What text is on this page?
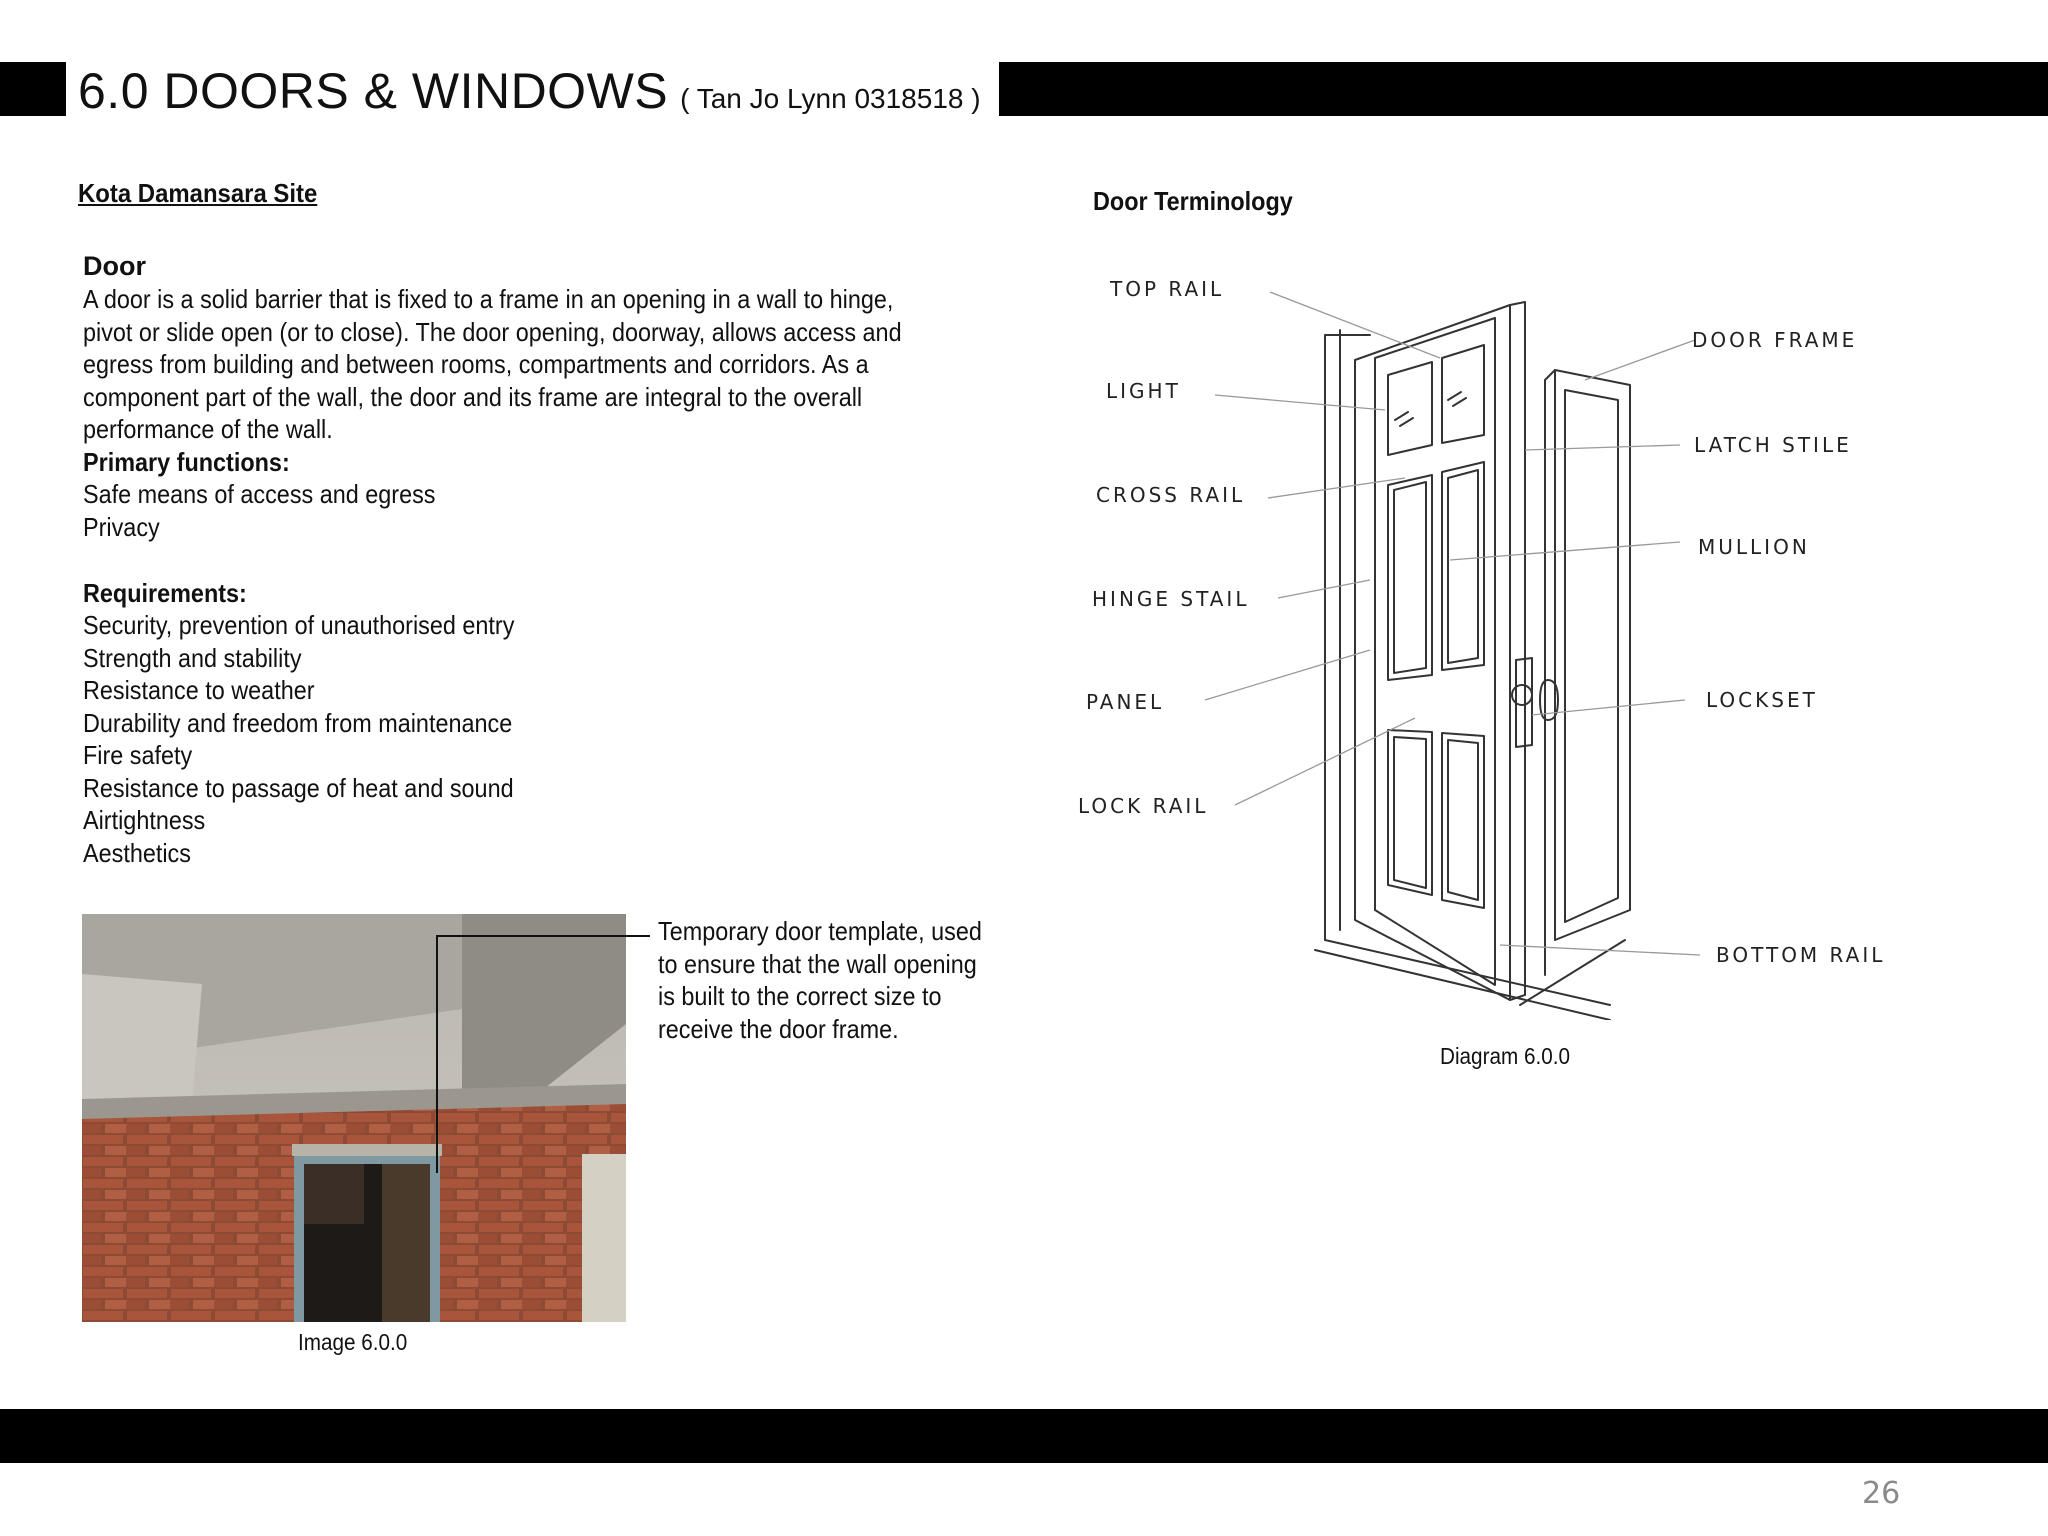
6.0 DOORS & WINDOWS ( Tan Jo Lynn 0318518 )
Kota Damansara Site
Door
A door is a solid barrier that is fixed to a frame in an opening in a wall to hinge, pivot or slide open (or to close). The door opening, doorway, allows access and egress from building and between rooms, compartments and corridors. As a component part of the wall, the door and its frame are integral to the overall performance of the wall.
Primary functions:
Safe means of access and egress
Privacy
Requirements:
Security, prevention of unauthorised entry
Strength and stability
Resistance to weather
Durability and freedom from maintenance
Fire safety
Resistance to passage of heat and sound
Airtightness
Aesthetics
Temporary door template, used to ensure that the wall opening is built to the correct size to receive the door frame.
Image 6.0.0
Door Terminology
TOP RAIL
LIGHT
CROSS RAIL
HINGE STAIL
PANEL
LOCK RAIL
DOOR FRAME
LATCH STILE
MULLION
LOCKSET
BOTTOM RAIL
Diagram 6.0.0
26
